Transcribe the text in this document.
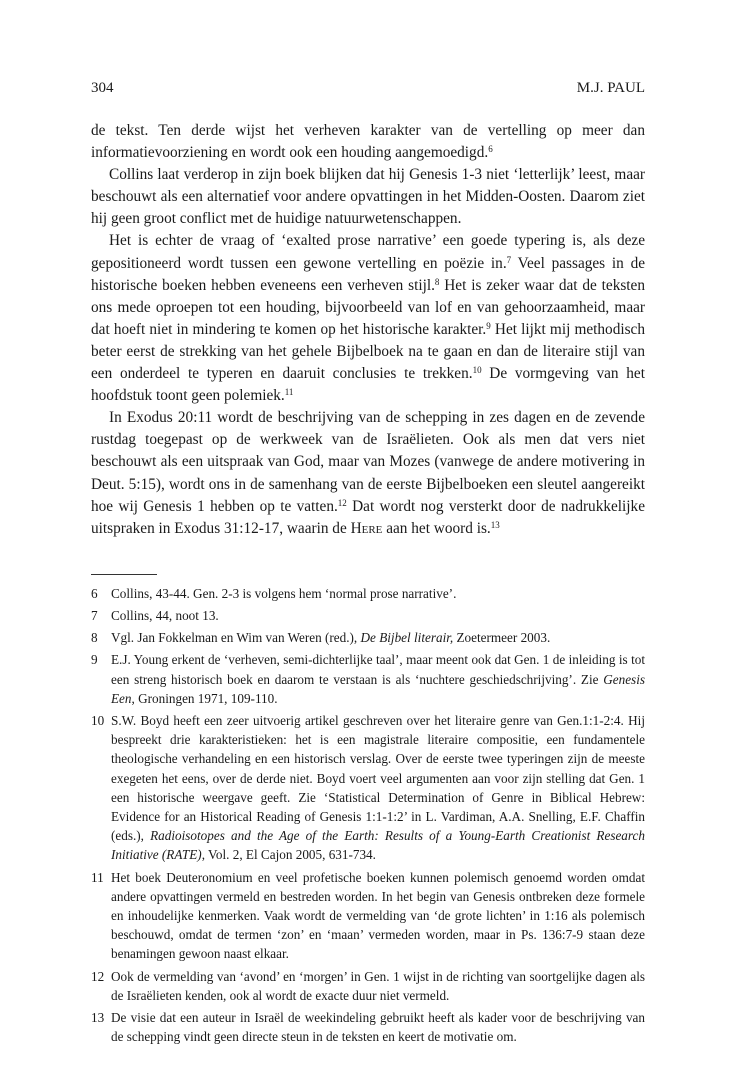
304	M.J. PAUL

de tekst. Ten derde wijst het verheven karakter van de vertelling op meer dan informatievoorziening en wordt ook een houding aangemoedigd.$^6$

Collins laat verderop in zijn boek blijken dat hij Genesis 1-3 niet ‘letterlijk’ leest, maar beschouwt als een alternatief voor andere opvattingen in het Midden-Oosten. Daarom ziet hij geen groot conflict met de huidige natuurwetenschappen.

Het is echter de vraag of ‘exalted prose narrative’ een goede typering is, als deze gepositioneerd wordt tussen een gewone vertelling en poëzie in.$^7$ Veel passages in de historische boeken hebben eveneens een verheven stijl.$^8$ Het is zeker waar dat de teksten ons mede oproepen tot een houding, bijvoorbeeld van lof en van gehoorzaamheid, maar dat hoeft niet in mindering te komen op het historische karakter.$^9$ Het lijkt mij methodisch beter eerst de strekking van het gehele Bijbelboek na te gaan en dan de literaire stijl van een onderdeel te typeren en daaruit conclusies te trekken.$^{10}$ De vormgeving van het hoofdstuk toont geen polemiek.$^{11}$

In Exodus 20:11 wordt de beschrijving van de schepping in zes dagen en de zevende rustdag toegepast op de werkweek van de Israëlieten. Ook als men dat vers niet beschouwt als een uitspraak van God, maar van Mozes (vanwege de andere motivering in Deut. 5:15), wordt ons in de samenhang van de eerste Bijbelboeken een sleutel aangereikt hoe wij Genesis 1 hebben op te vatten.$^{12}$ Dat wordt nog versterkt door de nadrukkelijke uitspraken in Exodus 31:12-17, waarin de Here aan het woord is.$^{13}$

6	Collins, 43-44. Gen. 2-3 is volgens hem ‘normal prose narrative’.
7	Collins, 44, noot 13.
8	Vgl. Jan Fokkelman en Wim van Weren (red.), De Bijbel literair, Zoetermeer 2003.
9	E.J. Young erkent de ‘verheven, semi-dichterlijke taal’, maar meent ook dat Gen. 1 de inleiding is tot een streng historisch boek en daarom te verstaan is als ‘nuchtere geschiedschrijving’. Zie Genesis Een, Groningen 1971, 109-110.
10 S.W. Boyd heeft een zeer uitvoerig artikel geschreven over het literaire genre van Gen.1:1-2:4. Hij bespreekt drie karakteristieken: het is een magistrale literaire compositie, een fundamentele theologische verhandeling en een historisch verslag. Over de eerste twee typeringen zijn de meeste exegeten het eens, over de derde niet. Boyd voert veel argumenten aan voor zijn stelling dat Gen. 1 een historische weergave geeft. Zie ‘Statistical Determination of Genre in Biblical Hebrew: Evidence for an Historical Reading of Genesis 1:1-1:2’ in L. Vardiman, A.A. Snelling, E.F. Chaffin (eds.), Radioisotopes and the Age of the Earth: Results of a Young-Earth Creationist Research Initiative (RATE), Vol. 2, El Cajon 2005, 631-734.
11 Het boek Deuteronomium en veel profetische boeken kunnen polemisch genoemd worden omdat andere opvattingen vermeld en bestreden worden. In het begin van Genesis ontbreken deze formele en inhoudelijke kenmerken. Vaak wordt de vermelding van ‘de grote lichten’ in 1:16 als polemisch beschouwd, omdat de termen ‘zon’ en ‘maan’ vermeden worden, maar in Ps. 136:7-9 staan deze benamingen gewoon naast elkaar.
12 Ook de vermelding van ‘avond’ en ‘morgen’ in Gen. 1 wijst in de richting van soortgelijke dagen als de Israëlieten kenden, ook al wordt de exacte duur niet vermeld.
13 De visie dat een auteur in Israël de weekindeling gebruikt heeft als kader voor de beschrijving van de schepping vindt geen directe steun in de teksten en keert de motivatie om.
